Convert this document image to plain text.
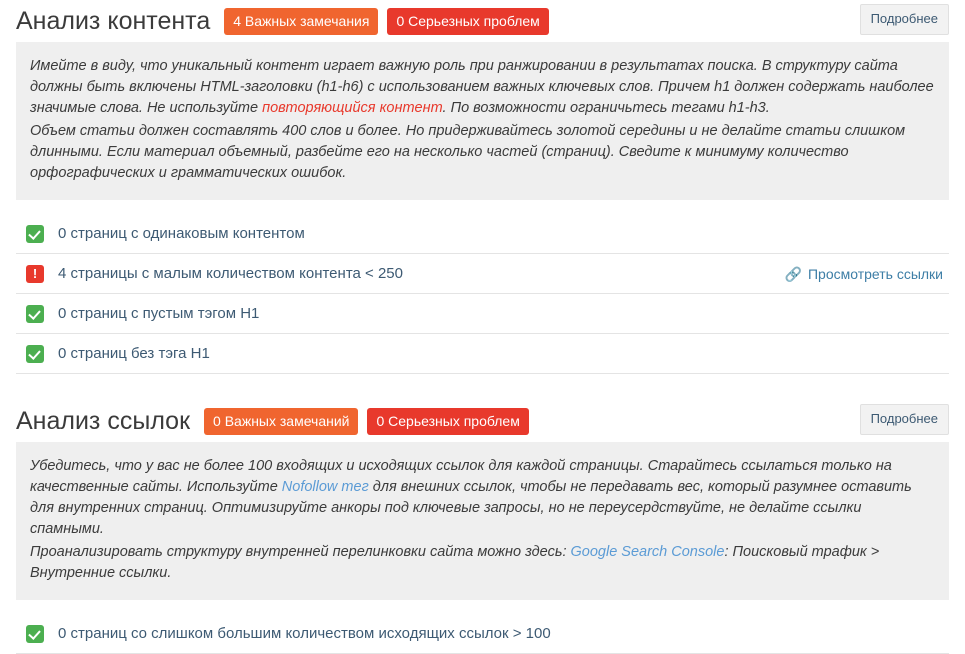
Анализ контента	4 Важных замечания	0 Серьезных проблем	Подробнее

Имейте в виду, что уникальный контент играет важную роль при ранжировании в результатах поиска. В структуру сайта должны быть включены HTML-заголовки (h1-h6) с использованием важных ключевых слов. Причем h1 должен содержать наиболее значимые слова. Не используйте повторяющийся контент. По возможности ограничьтесь тегами h1-h3.

Объем статьи должен составлять 400 слов и более. Но придерживайтесь золотой середины и не делайте статьи слишком длинными. Если материал объемный, разбейте его на несколько частей (страниц). Сведите к минимуму количество орфографических и грамматических ошибок.

0 страниц с одинаковым контентом
!
4 страницы с малым количеством контента < 250	🔗 Просмотреть ссылки
0 страниц с пустым тэгом H1
0 страниц без тэга H1
Анализ ссылок	0 Важных замечаний	0 Серьезных проблем	Подробнее

Убедитесь, что у вас не более 100 входящих и исходящих ссылок для каждой страницы. Старайтесь ссылаться только на качественные сайты. Используйте Nofollow тег для внешних ссылок, чтобы не передавать вес, который разумнее оставить для внутренних страниц. Оптимизируйте анкоры под ключевые запросы, но не переусердствуйте, не делайте ссылки спамными.

Проанализировать структуру внутренней перелинковки сайта можно здесь: Google Search Console: Поисковый трафик > Внутренние ссылки.

0 страниц со слишком большим количеством исходящих ссылок > 100
